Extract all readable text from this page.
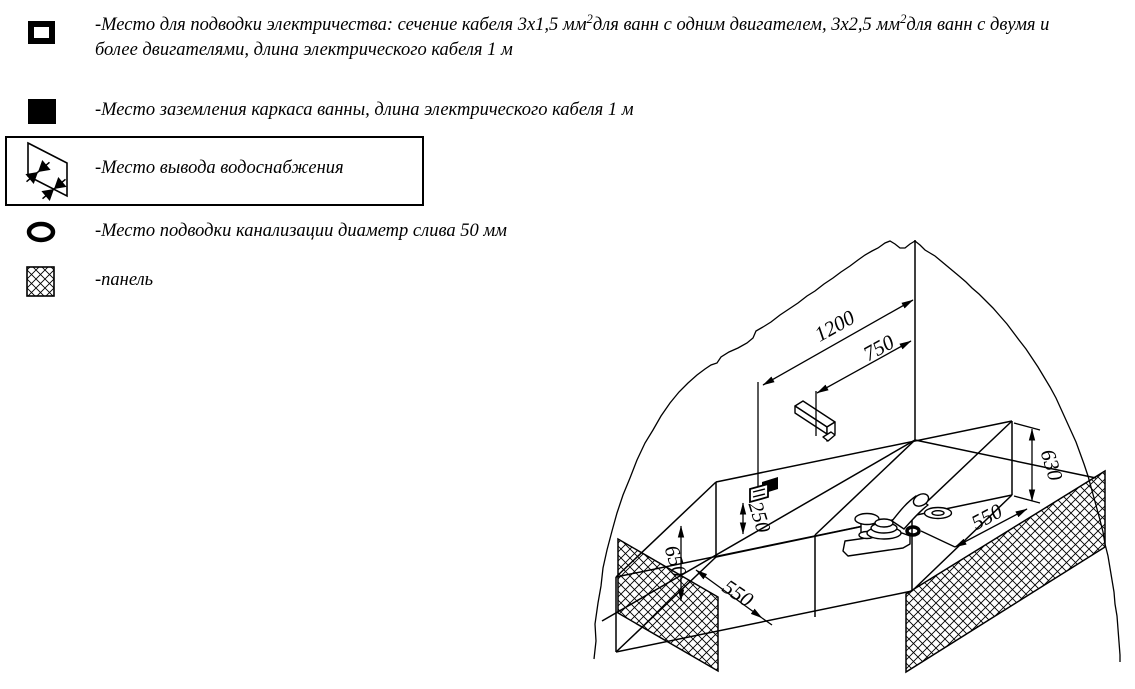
1200
750
630
550
250
650
550
-Место для подводки электричества: сечение кабеля 3х1,5 $мм^2для$ ванн с одним двигателем, 3х2,5 $мм^2для$ ванн с двумя и
более двигателями, длина электрического кабеля 1 м
-Место заземления каркаса ванны, длина электрического кабеля 1 м
-Место вывода водоснабжения
-Место подводки канализации диаметр слива 50 мм
-панель
